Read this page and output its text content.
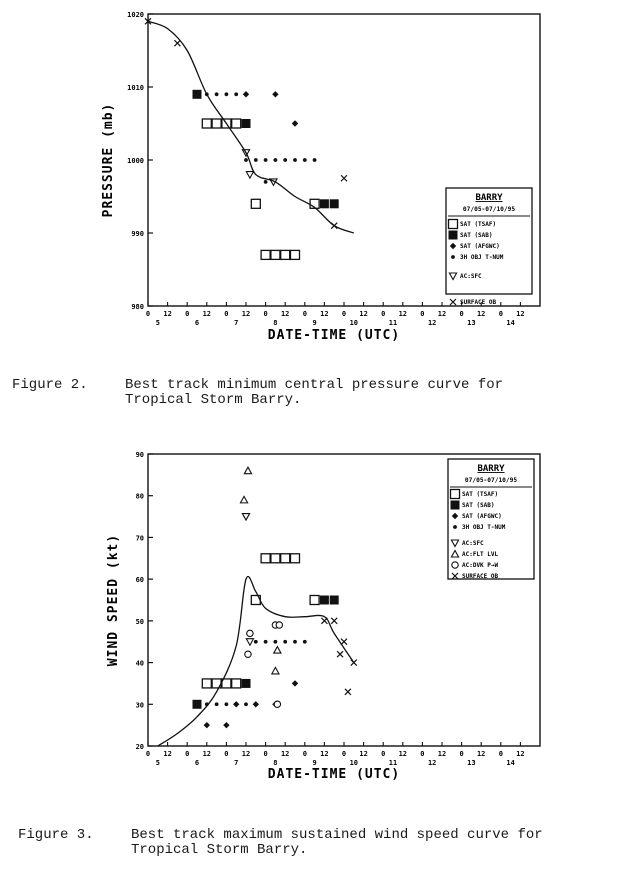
980
990
1000
1010
1020
0 12 0 12 0 12 0 12 0 12 0 12 0 12 0 12 0 12 0 12
5	6	7	8	9	10	11	12	13	14
DATE-TIME (UTC)
PRESSURE (mb)	BARRY
07/05-07/10/95
SAT (TSAF)
SAT (SAB)
SAT (AFGWC)
3H OBJ T-NUM
AC:SFC
SURFACE OB
20
30
40
50
60
70
80
90
0 12 0 12 0 12 0 12 0 12 0 12 0 12 0 12 0 12 0 12
5	6	7	8	9	10	11	12	13	14
DATE-TIME (UTC)
WIND SPEED (kt)
BARRY
07/05-07/10/95
SAT (TSAF)
SAT (SAB)
SAT (AFGWC)
3H OBJ T-NUM
AC:SFC
AC:FLT LVL
AC:DVK P→W
SURFACE OB

Figure 2.

	Best track minimum central pressure curve for

Tropical Storm Barry.

Figure 3.

	Best track maximum sustained wind speed curve for

Tropical Storm Barry.
